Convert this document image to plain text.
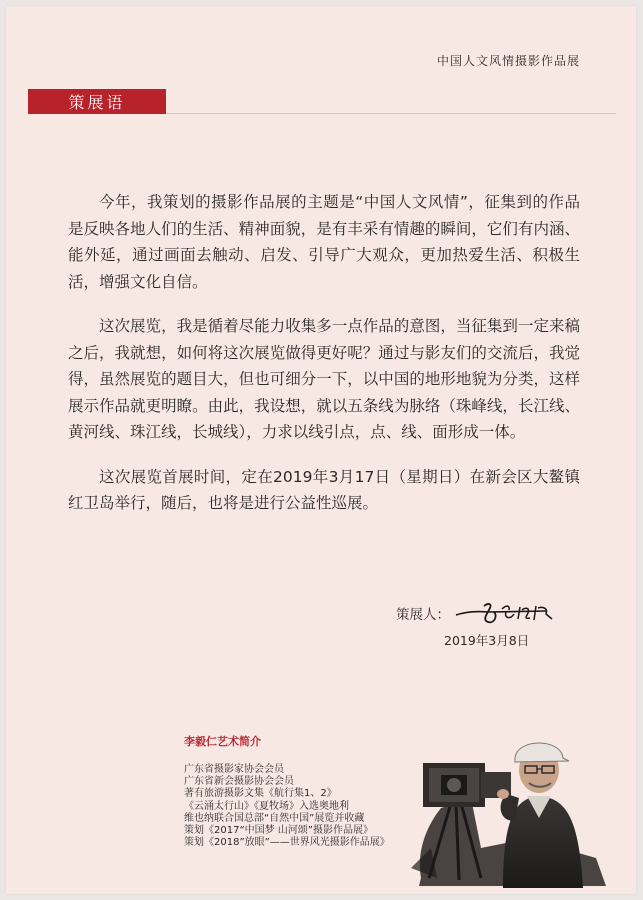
中国人文风情摄影作品展
策展语

今年，我策划的摄影作品展的主题是“中国人文风情”，征集到的作品是反映各地人们的生活、精神面貌，是有丰采有情趣的瞬间，它们有内涵、能外延，通过画面去触动、启发、引导广大观众，更加热爱生活、积极生活，增强文化自信。

这次展览，我是循着尽能力收集多一点作品的意图，当征集到一定来稿之后，我就想，如何将这次展览做得更好呢？通过与影友们的交流后，我觉得，虽然展览的题目大，但也可细分一下，以中国的地形地貌为分类，这样展示作品就更明瞭。由此，我设想，就以五条线为脉络（珠峰线，长江线、黄河线、珠江线，长城线），力求以线引点，点、线、面形成一体。

这次展览首展时间，定在2019年3月17日（星期日）在新会区大鳌镇红卫岛举行，随后，也将是进行公益性巡展。

策展人：
2019年3月8日
李毅仁艺术简介
广东省摄影家协会会员
广东省新会摄影协会会员
著有旅游摄影文集《航行集1、2》
《云涌太行山》《夏牧场》入选奥地利
维也纳联合国总部“自然中国”展览并收藏
策划《2017“中国梦 山河颂”摄影作品展》
策划《2018”放眼”——世界风光摄影作品展》
